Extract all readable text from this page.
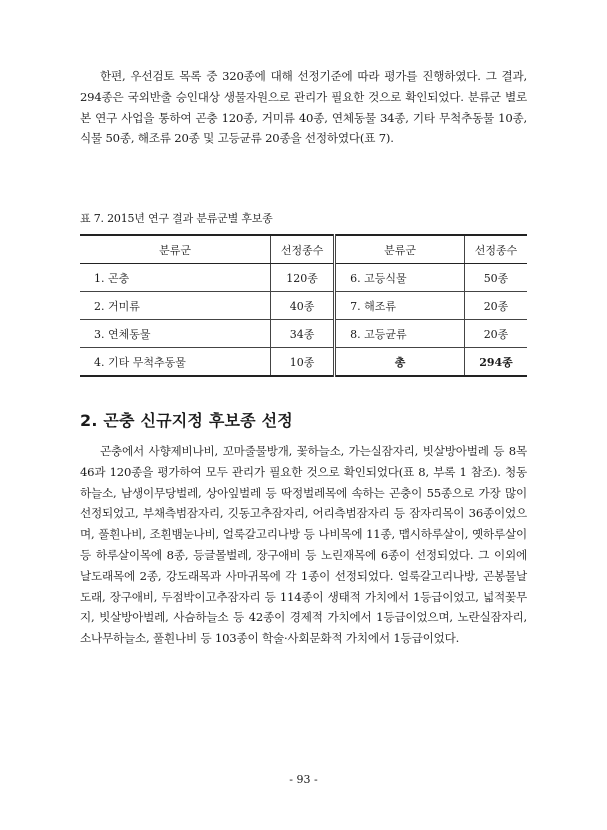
한편, 우선검토 목록 중 320종에 대해 선정기준에 따라 평가를 진행하였다. 그 결과, 294종은 국외반출 승인대상 생물자원으로 관리가 필요한 것으로 확인되었다. 분류군 별로 본 연구 사업을 통하여 곤충 120종, 거미류 40종, 연체동물 34종, 기타 무척추동물 10종, 식물 50종, 해조류 20종 및 고등균류 20종을 선정하였다(표 7).

표 7. 2015년 연구 결과 분류군별 후보종
분류군	선정종수	분류군	선정종수
1. 곤충	120종	6. 고등식물	50종
2. 거미류	40종	7. 해조류	20종
3. 연체동물	34종	8. 고등균류	20종
4. 기타 무척추동물	10종	총	294종
2. 곤충 신규지정 후보종 선정

곤충에서 사향제비나비, 꼬마줄물방개, 꽃하늘소, 가는실잠자리, 빗살방아벌레 등 8목 46과 120종을 평가하여 모두 관리가 필요한 것으로 확인되었다(표 8, 부록 1 참조). 청동하늘소, 남생이무당벌레, 상아잎벌레 등 딱정벌레목에 속하는 곤충이 55종으로 가장 많이 선정되었고, 부채측범잠자리, 깃동고추잠자리, 어리측범잠자리 등 잠자리목이 36종이었으며, 풀흰나비, 조흰뱀눈나비, 얼룩갈고리나방 등 나비목에 11종, 맵시하루살이, 옛하루살이 등 하루살이목에 8종, 등글몰벌레, 장구애비 등 노린재목에 6종이 선정되었다. 그 이외에 날도래목에 2종, 강도래목과 사마귀목에 각 1종이 선정되었다. 얼룩갈고리나방, 곤봉물날도래, 장구애비, 두점박이고추잠자리 등 114종이 생태적 가치에서 1등급이었고, 넓적꽃무지, 빗살방아벌레, 사슴하늘소 등 42종이 경제적 가치에서 1등급이었으며, 노란실잠자리, 소나무하늘소, 풀흰나비 등 103종이 학술·사회문화적 가치에서 1등급이었다.

- 93 -
